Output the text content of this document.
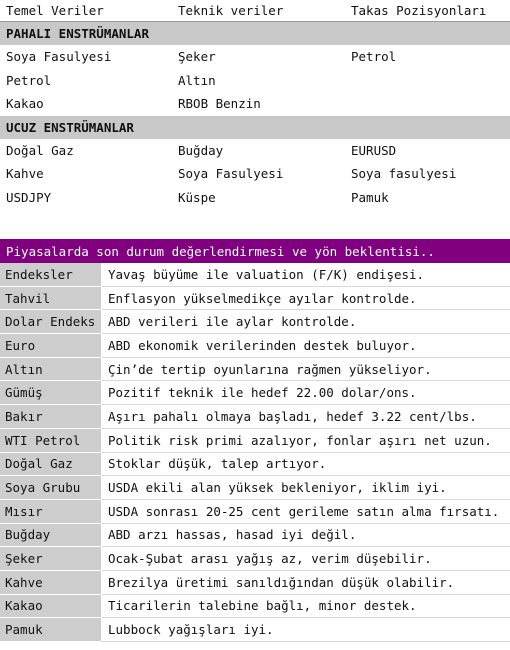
Temel Veriler	Teknik veriler	Takas Pozisyonları
PAHALI ENSTRÜMANLAR
Soya Fasulyesi	Şeker	Petrol
Petrol	Altın
Kakao	RBOB Benzin
UCUZ ENSTRÜMANLAR
Doğal Gaz	Buğday	EURUSD
Kahve	Soya Fasulyesi	Soya fasulyesi
USDJPY	Küspe	Pamuk
Piyasalarda son durum değerlendirmesi ve yön beklentisi..
Endeksler	Yavaş büyüme ile valuation (F/K) endişesi.
Tahvil	Enflasyon yükselmedikçe ayılar kontrolde.
Dolar Endeks	ABD verileri ile aylar kontrolde.
Euro	ABD ekonomik verilerinden destek buluyor.
Altın	Çin’de tertip oyunlarına rağmen yükseliyor.
Gümüş	Pozitif teknik ile hedef 22.00 dolar/ons.
Bakır	Aşırı pahalı olmaya başladı, hedef 3.22 cent/lbs.
WTI Petrol	Politik risk primi azalıyor, fonlar aşırı net uzun.
Doğal Gaz	Stoklar düşük, talep artıyor.
Soya Grubu	USDA ekili alan yüksek bekleniyor, iklim iyi.
Mısır	USDA sonrası 20-25 cent gerileme satın alma fırsatı.
Buğday	ABD arzı hassas, hasad iyi değil.
Şeker	Ocak-Şubat arası yağış az, verim düşebilir.
Kahve	Brezilya üretimi sanıldığından düşük olabilir.
Kakao	Ticarilerin talebine bağlı, minor destek.
Pamuk	Lubbock yağışları iyi.
